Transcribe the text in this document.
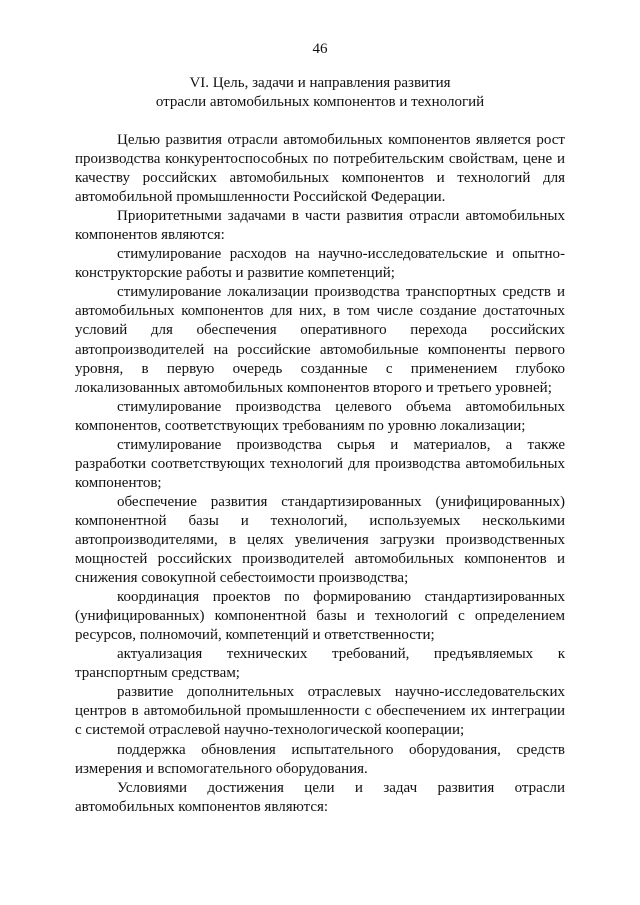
46
VI. Цель, задачи и направления развития
отрасли автомобильных компонентов и технологий

Целью развития отрасли автомобильных компонентов является рост производства конкурентоспособных по потребительским свойствам, цене и качеству российских автомобильных компонентов и технологий для автомобильной промышленности Российской Федерации.

Приоритетными задачами в части развития отрасли автомобильных компонентов являются:

стимулирование расходов на научно-исследовательские и опытно-конструкторские работы и развитие компетенций;

стимулирование локализации производства транспортных средств и автомобильных компонентов для них, в том числе создание достаточных условий для обеспечения оперативного перехода российских автопроизводителей на российские автомобильные компоненты первого уровня, в первую очередь созданные с применением глубоко локализованных автомобильных компонентов второго и третьего уровней;

стимулирование производства целевого объема автомобильных компонентов, соответствующих требованиям по уровню локализации;

стимулирование производства сырья и материалов, а также разработки соответствующих технологий для производства автомобильных компонентов;

обеспечение развития стандартизированных (унифицированных) компонентной базы и технологий, используемых несколькими автопроизводителями, в целях увеличения загрузки производственных мощностей российских производителей автомобильных компонентов и снижения совокупной себестоимости производства;

координация проектов по формированию стандартизированных (унифицированных) компонентной базы и технологий с определением ресурсов, полномочий, компетенций и ответственности;

актуализация технических требований, предъявляемых к транспортным средствам;

развитие дополнительных отраслевых научно-исследовательских центров в автомобильной промышленности с обеспечением их интеграции с системой отраслевой научно-технологической кооперации;

поддержка обновления испытательного оборудования, средств измерения и вспомогательного оборудования.

Условиями достижения цели и задач развития отрасли автомобильных компонентов являются:
